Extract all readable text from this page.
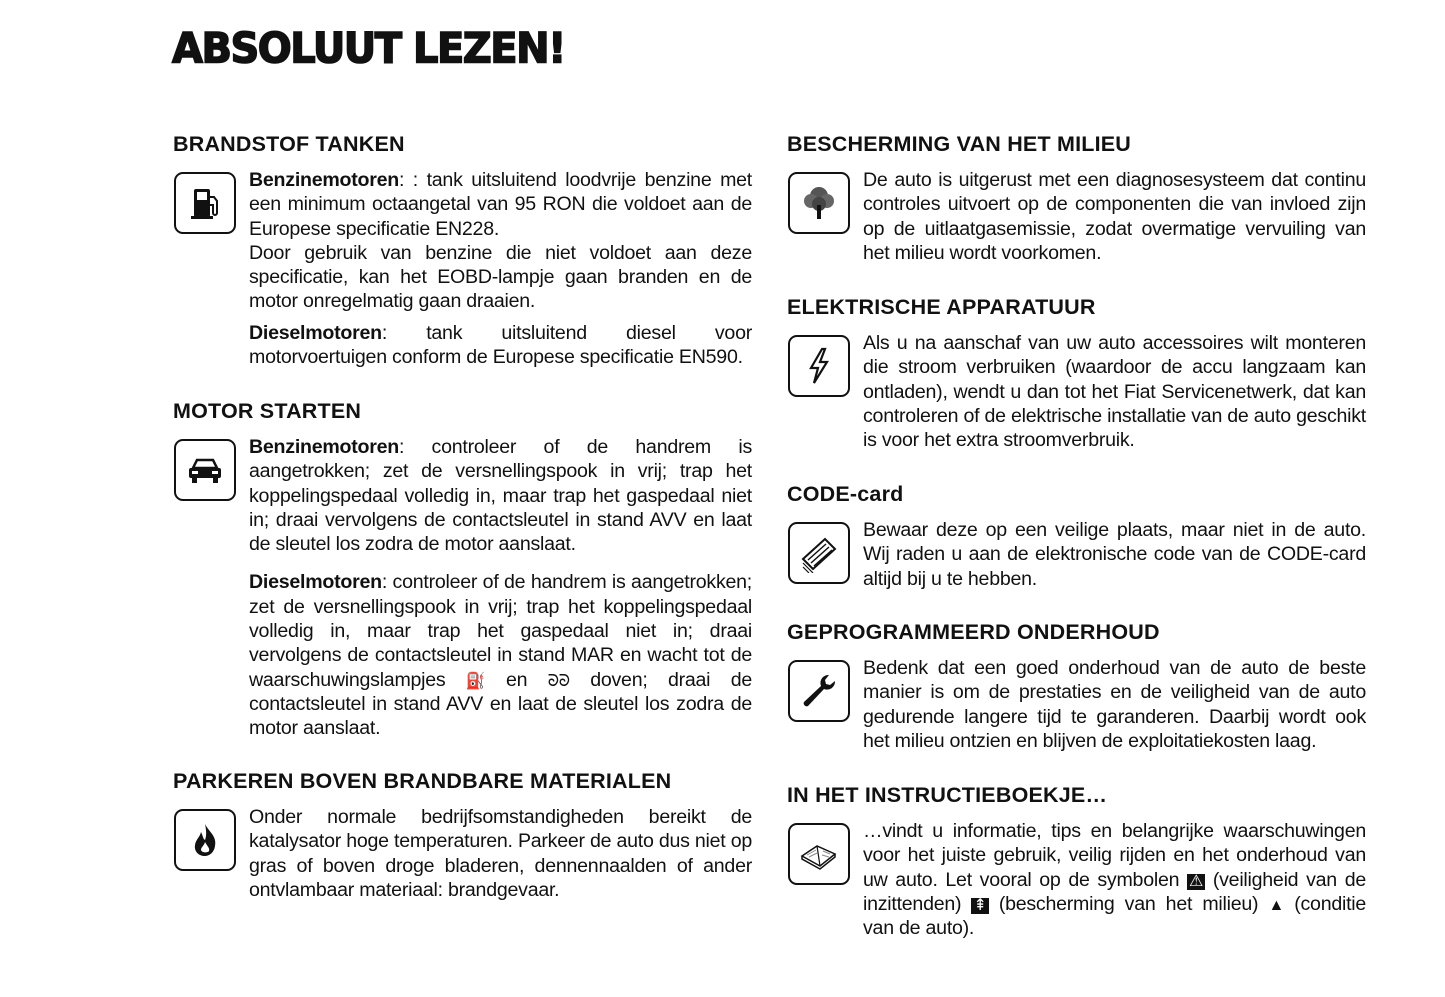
ABSOLUUT LEZEN!
BRANDSTOF TANKEN

Benzinemotoren: : tank uitsluitend loodvrije benzine met een minimum octaangetal van 95 RON die voldoet aan de Europese specificatie EN228.
Door gebruik van benzine die niet voldoet aan deze specificatie, kan het EOBD-lampje gaan branden en de motor onregelmatig gaan draaien.

Dieselmotoren: tank uitsluitend diesel voor motorvoertuigen conform de Europese specificatie EN590.

MOTOR STARTEN

Benzinemotoren: controleer of de handrem is aangetrokken; zet de versnellingspook in vrij; trap het koppelingspedaal volledig in, maar trap het gaspedaal niet in; draai vervolgens de contactsleutel in stand AVV en laat de sleutel los zodra de motor aanslaat.

Dieselmotoren: controleer of de handrem is aangetrokken; zet de versnellingspook in vrij; trap het koppelingspedaal volledig in, maar trap het gaspedaal niet in; draai vervolgens de contactsleutel in stand MAR en wacht tot de waarschuwingslampjes ⛽ en ᘐᘐ doven; draai de contactsleutel in stand AVV en laat de sleutel los zodra de motor aanslaat.

PARKEREN BOVEN BRANDBARE MATERIALEN

Onder normale bedrijfsomstandigheden bereikt de katalysator hoge temperaturen. Parkeer de auto dus niet op gras of boven droge bladeren, dennennaalden of ander ontvlambaar materiaal: brandgevaar.

BESCHERMING VAN HET MILIEU

De auto is uitgerust met een diagnosesysteem dat continu controles uitvoert op de componenten die van invloed zijn op de uitlaatgasemissie, zodat overmatige vervuiling van het milieu wordt voorkomen.

ELEKTRISCHE APPARATUUR

Als u na aanschaf van uw auto accessoires wilt monteren die stroom verbruiken (waardoor de accu langzaam kan ontladen), wendt u dan tot het Fiat Servicenetwerk, dat kan controleren of de elektrische installatie van de auto geschikt is voor het extra stroomverbruik.

CODE-card

Bewaar deze op een veilige plaats, maar niet in de auto. Wij raden u aan de elektronische code van de CODE-card altijd bij u te hebben.

GEPROGRAMMEERD ONDERHOUD

Bedenk dat een goed onderhoud van de auto de beste manier is om de prestaties en de veiligheid van de auto gedurende langere tijd te garanderen. Daarbij wordt ook het milieu ontzien en blijven de exploitatiekosten laag.

IN HET INSTRUCTIEBOEKJE…

…vindt u informatie, tips en belangrijke waarschuwingen voor het juiste gebruik, veilig rijden en het onderhoud van uw auto. Let vooral op de symbolen ⚠ (veiligheid van de inzittenden) ⇞ (bescherming van het milieu) ▲ (conditie van de auto).
